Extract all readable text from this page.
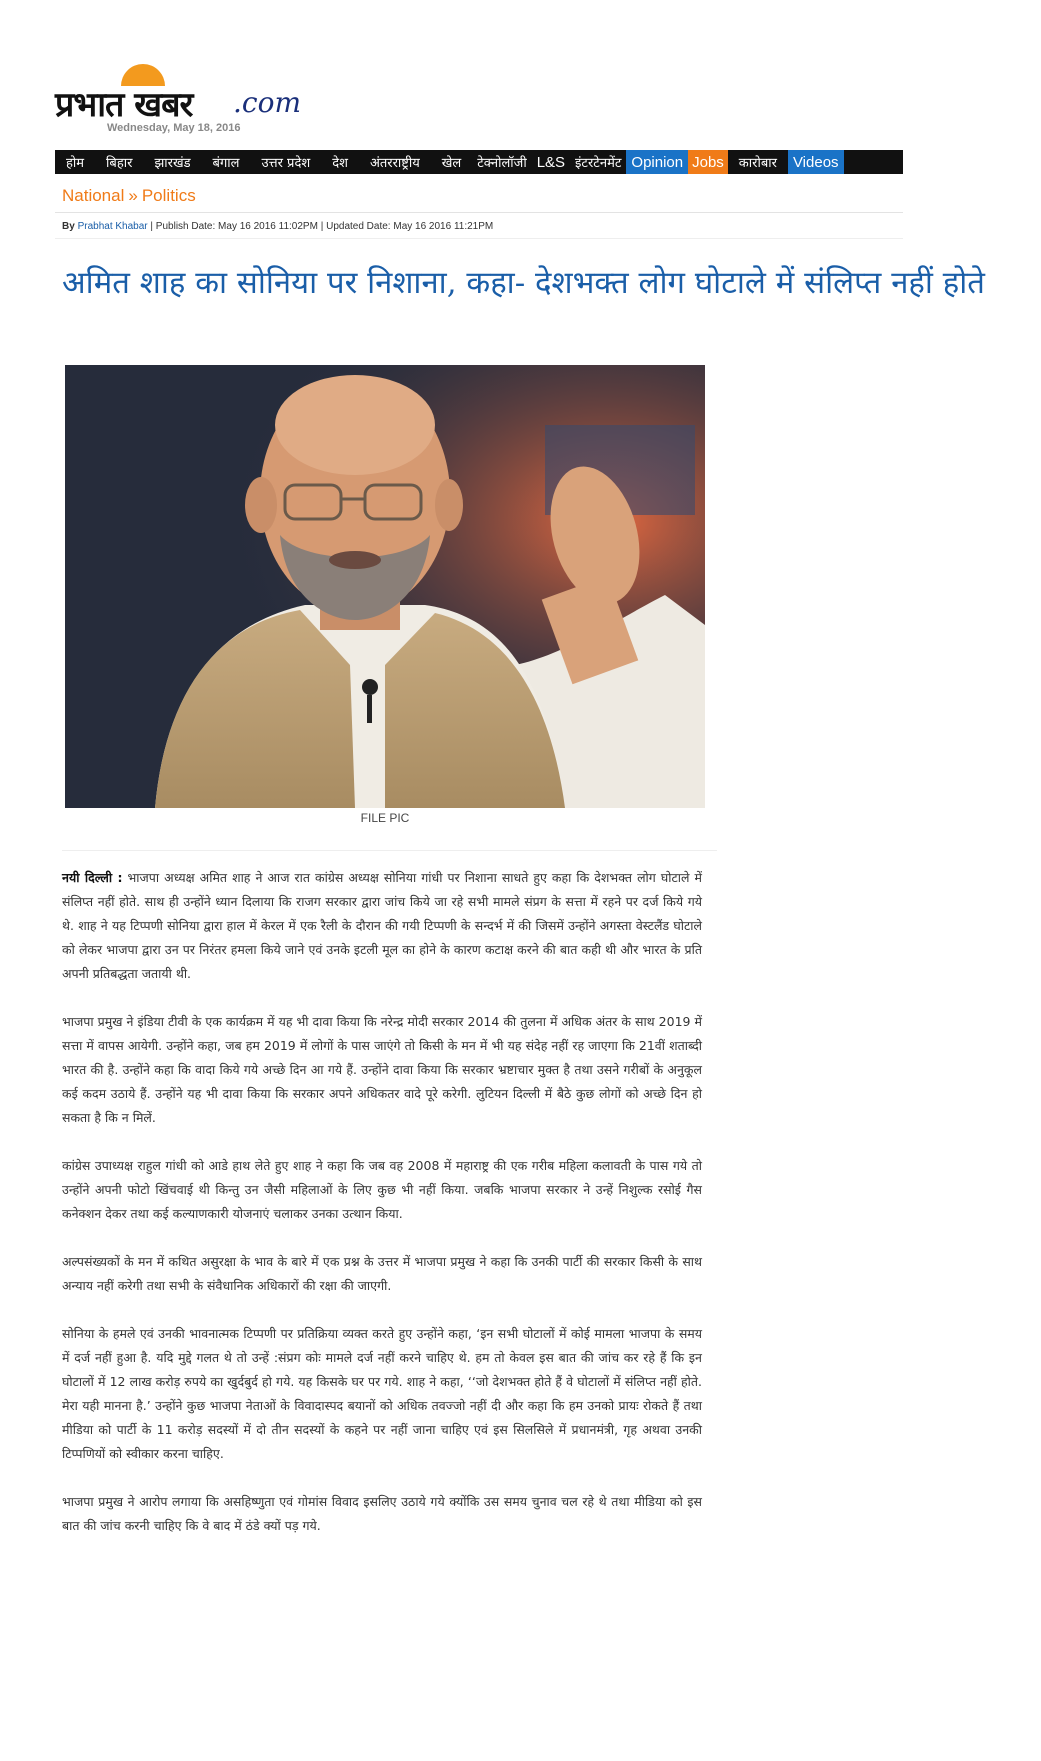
प्रभात खबर .com
Wednesday, May 18, 2016
होम	बिहार	झारखंड	बंगाल	उत्तर प्रदेश	देश	अंतरराष्ट्रीय	खेल	टेक्नोलॉजी L&S इंटरटेनमेंट Opinion Jobs	कारोबार	Videos
National » Politics
By Prabhat Khabar | Publish Date: May 16 2016 11:02PM | Updated Date: May 16 2016 11:21PM
अमित शाह का सोनिया पर निशाना, कहा- देशभक्त लोग घोटाले में संलिप्त नहीं होते
FILE PIC

नयी दिल्ली : भाजपा अध्यक्ष अमित शाह ने आज रात कांग्रेस अध्यक्ष सोनिया गांधी पर निशाना साधते हुए कहा कि देशभक्त लोग घोटाले में संलिप्त नहीं होते. साथ ही उन्होंने ध्यान दिलाया कि राजग सरकार द्वारा जांच किये जा रहे सभी मामले संप्रग के सत्ता में रहने पर दर्ज किये गये थे. शाह ने यह टिप्पणी सोनिया द्वारा हाल में केरल में एक रैली के दौरान की गयी टिप्पणी के सन्दर्भ में की जिसमें उन्होंने अगस्ता वेस्टलैंड घोटाले को लेकर भाजपा द्वारा उन पर निरंतर हमला किये जाने एवं उनके इटली मूल का होने के कारण कटाक्ष करने की बात कही थी और भारत के प्रति अपनी प्रतिबद्धता जतायी थी.

भाजपा प्रमुख ने इंडिया टीवी के एक कार्यक्रम में यह भी दावा किया कि नरेन्द्र मोदी सरकार 2014 की तुलना में अधिक अंतर के साथ 2019 में सत्ता में वापस आयेगी. उन्होंने कहा, जब हम 2019 में लोगों के पास जाएंगे तो किसी के मन में भी यह संदेह नहीं रह जाएगा कि 21वीं शताब्दी भारत की है. उन्होंने कहा कि वादा किये गये अच्छे दिन आ गये हैं. उन्होंने दावा किया कि सरकार भ्रष्टाचार मुक्त है तथा उसने गरीबों के अनुकूल कई कदम उठाये हैं. उन्होंने यह भी दावा किया कि सरकार अपने अधिकतर वादे पूरे करेगी. लुटियन दिल्ली में बैठे कुछ लोगों को अच्छे दिन हो सकता है कि न मिलें.

कांग्रेस उपाध्यक्ष राहुल गांधी को आडे हाथ लेते हुए शाह ने कहा कि जब वह 2008 में महाराष्ट्र की एक गरीब महिला कलावती के पास गये तो उन्होंने अपनी फोटो खिंचवाई थी किन्तु उन जैसी महिलाओं के लिए कुछ भी नहीं किया. जबकि भाजपा सरकार ने उन्हें निशुल्क रसोई गैस कनेक्शन देकर तथा कई कल्याणकारी योजनाएं चलाकर उनका उत्थान किया.

अल्पसंख्यकों के मन में कथित असुरक्षा के भाव के बारे में एक प्रश्न के उत्तर में भाजपा प्रमुख ने कहा कि उनकी पार्टी की सरकार किसी के साथ अन्याय नहीं करेगी तथा सभी के संवैधानिक अधिकारों की रक्षा की जाएगी.

सोनिया के हमले एवं उनकी भावनात्मक टिप्पणी पर प्रतिक्रिया व्यक्त करते हुए उन्होंने कहा, ‘इन सभी घोटालों में कोई मामला भाजपा के समय में दर्ज नहीं हुआ है. यदि मुद्दे गलत थे तो उन्हें :संप्रग कोः मामले दर्ज नहीं करने चाहिए थे. हम तो केवल इस बात की जांच कर रहे हैं कि इन घोटालों में 12 लाख करोड़ रुपये का खुर्दबुर्द हो गये. यह किसके घर पर गये. शाह ने कहा, ‘‘जो देशभक्त होते हैं वे घोटालों में संलिप्त नहीं होते. मेरा यही मानना है.’ उन्होंने कुछ भाजपा नेताओं के विवादास्पद बयानों को अधिक तवज्जो नहीं दी और कहा कि हम उनको प्रायः रोकते हैं तथा मीडिया को पार्टी के 11 करोड़ सदस्यों में दो तीन सदस्यों के कहने पर नहीं जाना चाहिए एवं इस सिलसिले में प्रधानमंत्री, गृह अथवा उनकी टिप्पणियों को स्वीकार करना चाहिए.

भाजपा प्रमुख ने आरोप लगाया कि असहिष्णुता एवं गोमांस विवाद इसलिए उठाये गये क्योंकि उस समय चुनाव चल रहे थे तथा मीडिया को इस बात की जांच करनी चाहिए कि वे बाद में ठंडे क्यों पड़ गये.
